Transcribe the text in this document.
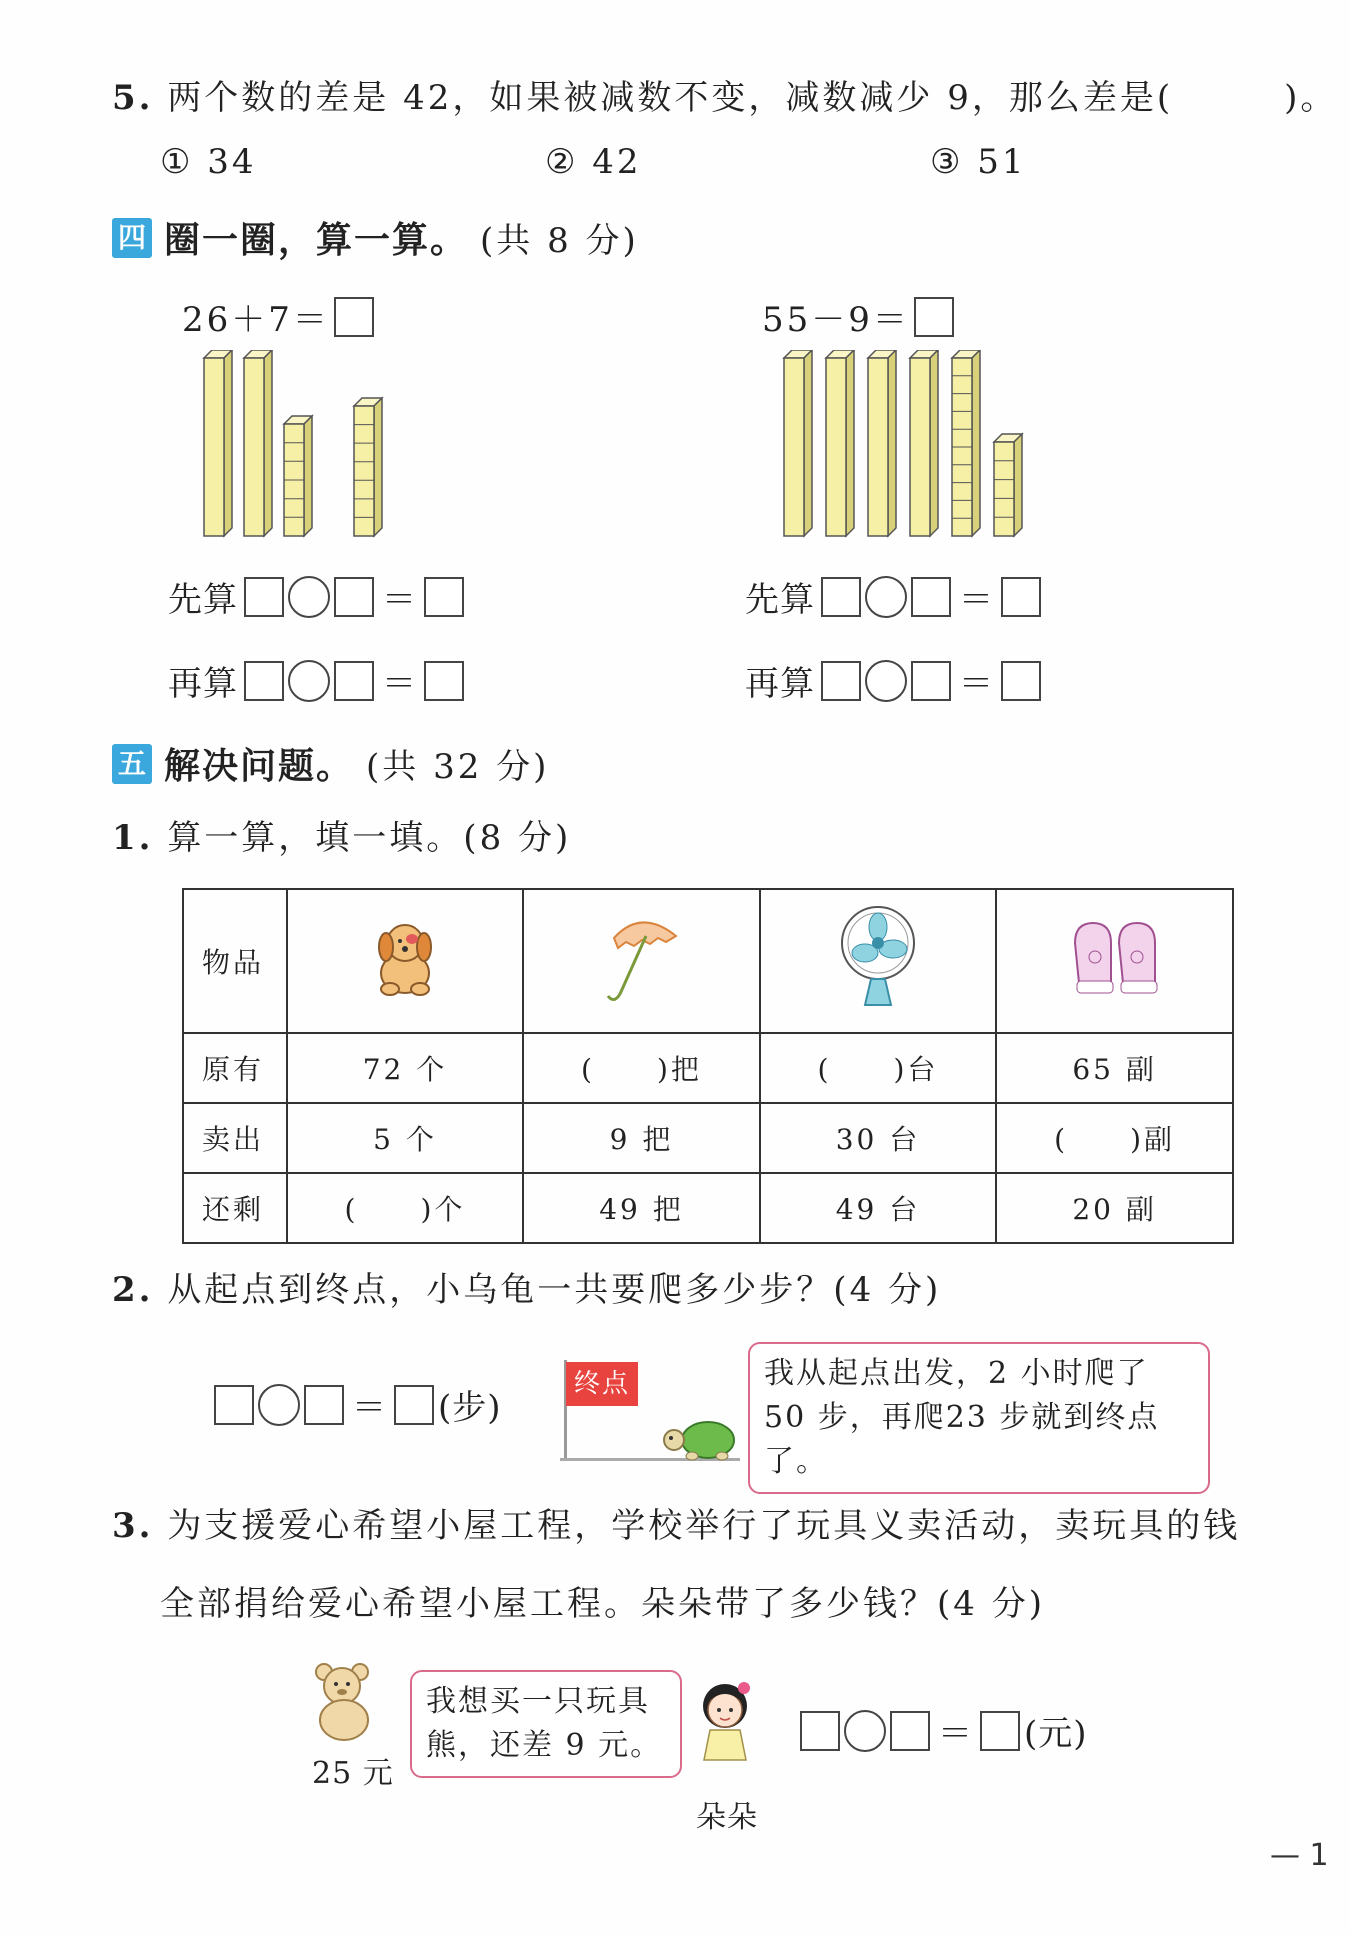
5. 两个数的差是 42，如果被减数不变，减数减少 9，那么差是(　　　)。
① 34	② 42	③ 51
四 圈一圈，算一算。 (共 8 分)
26＋7＝	55－9＝
先算	＝
再算	＝
先算	＝
再算	＝
五 解决问题。 (共 32 分)
1. 算一算，填一填。(8 分)
物品				
原有	72 个	(　　)把	(　　)台	65 副
卖出	5 个	9 把	30 台	(　　)副
还剩	(　　)个	49 把	49 台	20 副
2. 从起点到终点，小乌龟一共要爬多少步？(4 分)
＝ (步)
终点	我从起点出发，2 小时爬了
50 步，再爬23 步就到终点了。
3. 为支援爱心希望小屋工程，学校举行了玩具义卖活动，卖玩具的钱
全部捐给爱心希望小屋工程。朵朵带了多少钱？(4 分)
25 元
我想买一只玩具
熊，还差 9 元。
朵朵
＝ (元)
— 1
